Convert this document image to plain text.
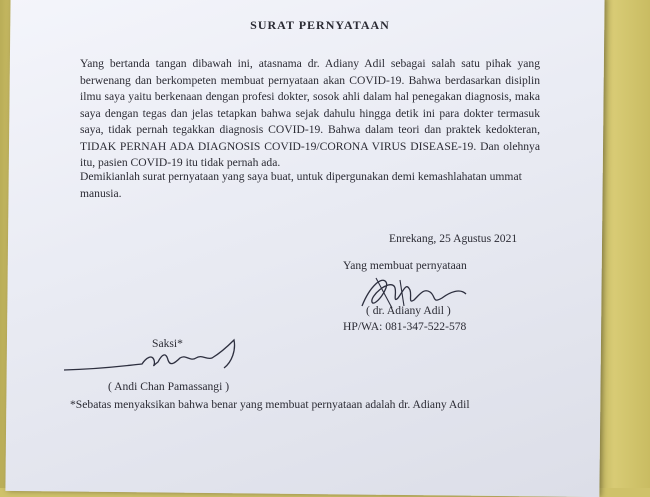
SURAT PERNYATAAN
Yang bertanda tangan dibawah ini, atasnama dr. Adiany Adil sebagai salah satu pihak yang berwenang dan berkompeten membuat pernyataan akan COVID-19. Bahwa berdasarkan disiplin ilmu saya yaitu berkenaan dengan profesi dokter, sosok ahli dalam hal penegakan diagnosis, maka saya dengan tegas dan jelas tetapkan bahwa sejak dahulu hingga detik ini para dokter termasuk saya, tidak pernah tegakkan diagnosis COVID-19. Bahwa dalam teori dan praktek kedokteran, TIDAK PERNAH ADA DIAGNOSIS COVID-19/CORONA VIRUS DISEASE-19. Dan olehnya itu, pasien COVID-19 itu tidak pernah ada.
Demikianlah surat pernyataan yang saya buat, untuk dipergunakan demi kemashlahatan ummat manusia.
Enrekang, 25 Agustus 2021
Yang membuat pernyataan
( dr. Adiany Adil )
HP/WA: 081-347-522-578
Saksi*
( Andi Chan Pamassangi )
*Sebatas menyaksikan bahwa benar yang membuat pernyataan adalah dr. Adiany Adil
